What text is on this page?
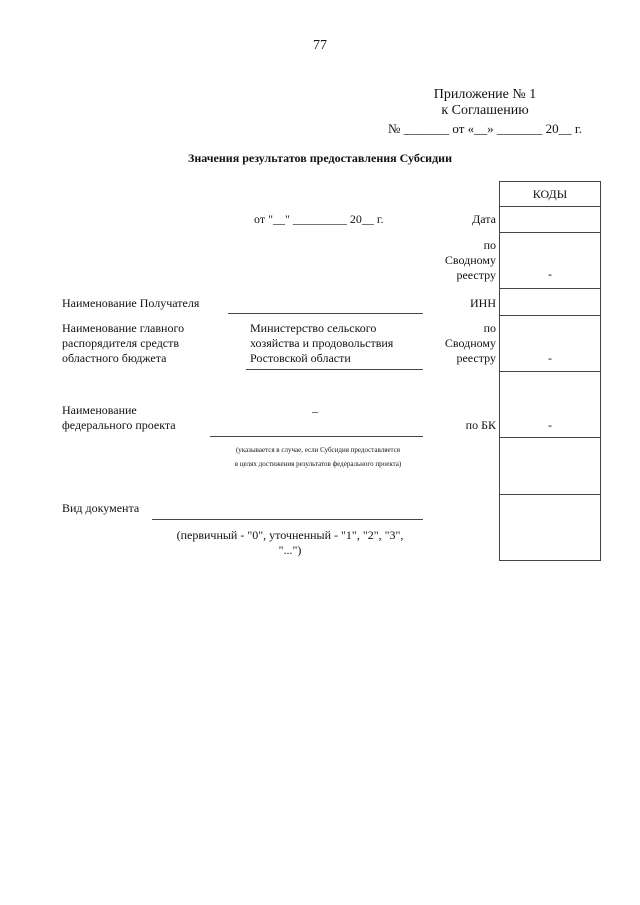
77
Приложение № 1
к Соглашению
№ _______ от «__» _______ 20__ г.
Значения результатов предоставления Субсидии
КОДЫ
-
-
-
Дата
по
Сводному
реестру
ИНН
по
Сводному
реестру
по БК
от "__" _________ 20__ г.
Наименование Получателя
Наименование главного
распорядителя средств
областного бюджета
Министерство сельского
хозяйства и продовольствия
Ростовской области
Наименование
федерального проекта
–
(указывается в случае, если Субсидия предоставляется
в целях достижения результатов федерального проекта)
Вид документа
(первичный - "0", уточненный - "1", "2", "3",
"...")
